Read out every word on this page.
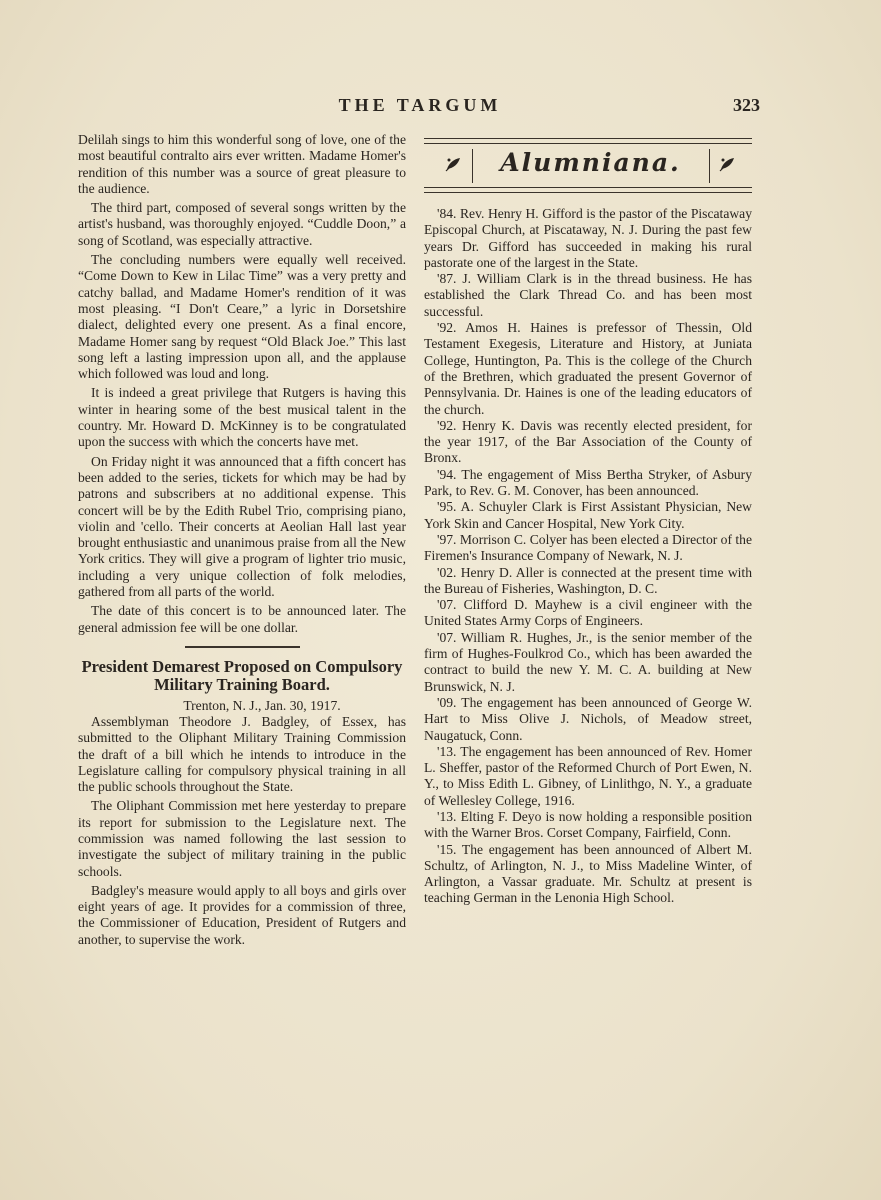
THE TARGUM	323

Delilah sings to him this wonderful song of love, one of the most beautiful contralto airs ever written. Madame Homer's rendition of this number was a source of great pleasure to the audience.

The third part, composed of several songs written by the artist's husband, was thoroughly enjoyed. “Cuddle Doon,” a song of Scotland, was especially attractive.

The concluding numbers were equally well received. “Come Down to Kew in Lilac Time” was a very pretty and catchy ballad, and Madame Homer's rendition of it was most pleasing. “I Don't Ceare,” a lyric in Dorsetshire dialect, delighted every one present. As a final encore, Madame Homer sang by request “Old Black Joe.” This last song left a lasting impression upon all, and the applause which followed was loud and long.

It is indeed a great privilege that Rutgers is having this winter in hearing some of the best musical talent in the country. Mr. Howard D. McKinney is to be congratulated upon the success with which the concerts have met.

On Friday night it was announced that a fifth concert has been added to the series, tickets for which may be had by patrons and subscribers at no additional expense. This concert will be by the Edith Rubel Trio, comprising piano, violin and 'cello. Their concerts at Aeolian Hall last year brought enthusiastic and unanimous praise from all the New York critics. They will give a program of lighter trio music, including a very unique collection of folk melodies, gathered from all parts of the world.

The date of this concert is to be announced later. The general admission fee will be one dollar.

President Demarest Proposed on Compulsory Military Training Board.
Trenton, N. J., Jan. 30, 1917.

Assemblyman Theodore J. Badgley, of Essex, has submitted to the Oliphant Military Training Commission the draft of a bill which he intends to introduce in the Legislature calling for compulsory physical training in all the public schools throughout the State.

The Oliphant Commission met here yesterday to prepare its report for submission to the Legislature next. The commission was named following the last session to investigate the subject of military training in the public schools.

Badgley's measure would apply to all boys and girls over eight years of age. It provides for a commission of three, the Commissioner of Education, President of Rutgers and another, to supervise the work.

Alumniana.

'84. Rev. Henry H. Gifford is the pastor of the Piscataway Episcopal Church, at Piscataway, N. J. During the past few years Dr. Gifford has succeeded in making his rural pastorate one of the largest in the State.

'87. J. William Clark is in the thread business. He has established the Clark Thread Co. and has been most successful.

'92. Amos H. Haines is prefessor of Thessin, Old Testament Exegesis, Literature and History, at Juniata College, Huntington, Pa. This is the college of the Church of the Brethren, which graduated the present Governor of Pennsylvania. Dr. Haines is one of the leading educators of the church.

'92. Henry K. Davis was recently elected president, for the year 1917, of the Bar Association of the County of Bronx.

'94. The engagement of Miss Bertha Stryker, of Asbury Park, to Rev. G. M. Conover, has been announced.

'95. A. Schuyler Clark is First Assistant Physician, New York Skin and Cancer Hospital, New York City.

'97. Morrison C. Colyer has been elected a Director of the Firemen's Insurance Company of Newark, N. J.

'02. Henry D. Aller is connected at the present time with the Bureau of Fisheries, Washington, D. C.

'07. Clifford D. Mayhew is a civil engineer with the United States Army Corps of Engineers.

'07. William R. Hughes, Jr., is the senior member of the firm of Hughes-Foulkrod Co., which has been awarded the contract to build the new Y. M. C. A. building at New Brunswick, N. J.

'09. The engagement has been announced of George W. Hart to Miss Olive J. Nichols, of Meadow street, Naugatuck, Conn.

'13. The engagement has been announced of Rev. Homer L. Sheffer, pastor of the Reformed Church of Port Ewen, N. Y., to Miss Edith L. Gibney, of Linlithgo, N. Y., a graduate of Wellesley College, 1916.

'13. Elting F. Deyo is now holding a responsible position with the Warner Bros. Corset Company, Fairfield, Conn.

'15. The engagement has been announced of Albert M. Schultz, of Arlington, N. J., to Miss Madeline Winter, of Arlington, a Vassar graduate. Mr. Schultz at present is teaching German in the Lenonia High School.
